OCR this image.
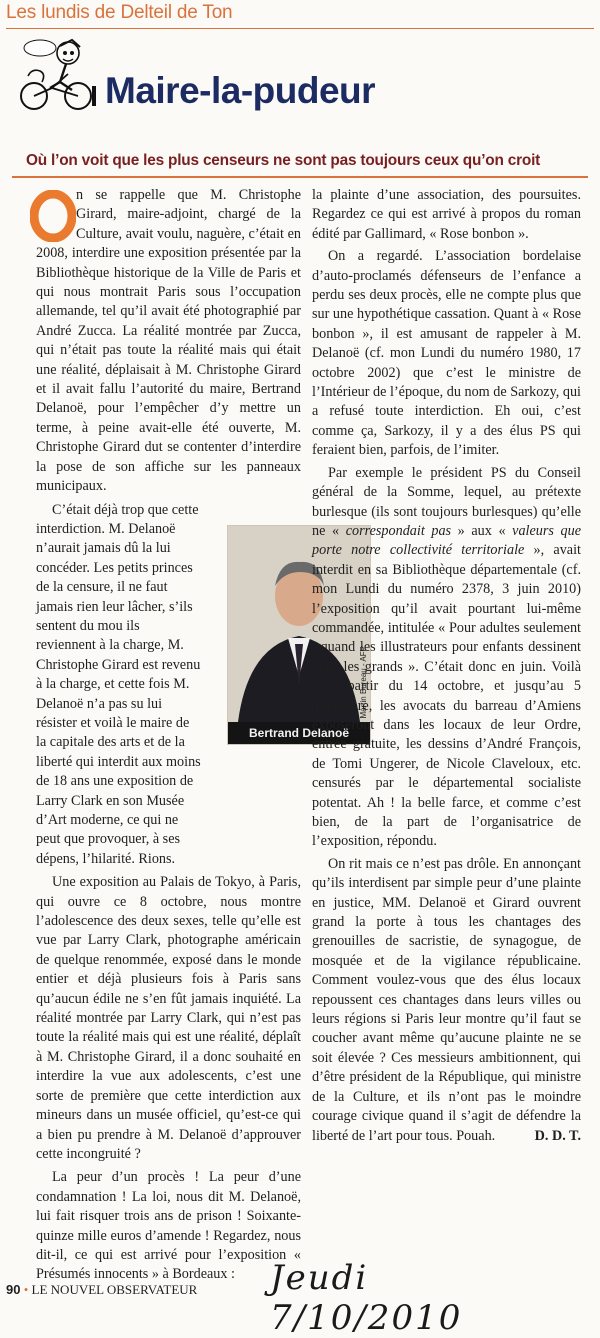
Les lundis de Delteil de Ton
Maire-la-pudeur
Où l’on voit que les plus censeurs ne sont pas toujours ceux qu’on croit

n se rappelle que M. Christophe Girard, maire-adjoint, chargé de la Culture, avait voulu, naguère, c’était en 2008, interdire une exposition présentée par la Bibliothèque historique de la Ville de Paris et qui nous montrait Paris sous l’occupation allemande, tel qu’il avait été photographié par André Zucca. La réalité montrée par Zucca, qui n’était pas toute la réalité mais qui était une réalité, déplaisait à M. Christophe Girard et il avait fallu l’autorité du maire, Bertrand Delanoë, pour l’empêcher d’y mettre un terme, à peine avait-elle été ouverte, M. Christophe Girard dut se contenter d’interdire la pose de son affiche sur les panneaux municipaux.

C’était déjà trop que cette interdiction. M. Delanoë n’aurait jamais dû la lui concéder. Les petits princes de la censure, il ne faut jamais rien leur lâcher, s’ils sentent du mou ils reviennent à la charge, M. Christophe Girard est revenu à la charge, et cette fois M. Delanoë n’a pas su lui résister et voilà le maire de la capitale des arts et de la liberté qui interdit aux moins de 18 ans une exposition de Larry Clark en son Musée d’Art moderne, ce qui ne peut que provoquer, à ses dépens, l’hilarité. Rions.

Une exposition au Palais de Tokyo, à Paris, qui ouvre ce 8 octobre, nous montre l’adolescence des deux sexes, telle qu’elle est vue par Larry Clark, photographe américain de quelque renommée, exposé dans le monde entier et déjà plusieurs fois à Paris sans qu’aucun édile ne s’en fût jamais inquiété. La réalité montrée par Larry Clark, qui n’est pas toute la réalité mais qui est une réalité, déplaît à M. Christophe Girard, il a donc souhaité en interdire la vue aux adolescents, c’est une sorte de première que cette interdiction aux mineurs dans un musée officiel, qu’est-ce qui a bien pu prendre à M. Delanoë d’approuver cette incongruité ?

La peur d’un procès ! La peur d’une condamnation ! La loi, nous dit M. Delanoë, lui fait risquer trois ans de prison ! Soixante-quinze mille euros d’amende ! Regardez, nous dit-il, ce qui est arrivé pour l’exposition « Présumés innocents » à Bordeaux :

Martin Bureau - AFP
Bertrand Delanoë

la plainte d’une association, des poursuites. Regardez ce qui est arrivé à propos du roman édité par Gallimard, « Rose bonbon ».

On a regardé. L’association bordelaise d’auto-proclamés défenseurs de l’enfance a perdu ses deux procès, elle ne compte plus que sur une hypothétique cassation. Quant à « Rose bonbon », il est amusant de rappeler à M. Delanoë (cf. mon Lundi du numéro 1980, 17 octobre 2002) que c’est le ministre de l’Intérieur de l’époque, du nom de Sarkozy, qui a refusé toute interdiction. Eh oui, c’est comme ça, Sarkozy, il y a des élus PS qui feraient bien, parfois, de l’imiter.

Par exemple le président PS du Conseil général de la Somme, lequel, au prétexte burlesque (ils sont toujours burlesques) qu’elle ne « correspondait pas » aux « valeurs que porte notre collectivité territoriale », avait interdit en sa Bibliothèque départementale (cf. mon Lundi du numéro 2378, 3 juin 2010) l’exposition qu’il avait pourtant lui-même commandée, intitulée « Pour adultes seulement : quand les illustrateurs pour enfants dessinent pour les grands ». C’était donc en juin. Voilà qu’à partir du 14 octobre, et jusqu’au 5 novembre, les avocats du barreau d’Amiens exposeront dans les locaux de leur Ordre, entrée gratuite, les dessins d’André François, de Tomi Ungerer, de Nicole Claveloux, etc. censurés par le départemental socialiste potentat. Ah ! la belle farce, et comme c’est bien, de la part de l’organisatrice de l’exposition, répondu.

On rit mais ce n’est pas drôle. En annonçant qu’ils interdisent par simple peur d’une plainte en justice, MM. Delanoë et Girard ouvrent grand la porte à tous les chantages des grenouilles de sacristie, de synagogue, de mosquée et de la vigilance républicaine. Comment voulez-vous que des élus locaux repoussent ces chantages dans leurs villes ou leurs régions si Paris leur montre qu’il faut se coucher avant même qu’aucune plainte ne se soit élevée ? Ces messieurs ambitionnent, qui d’être président de la République, qui ministre de la Culture, et ils n’ont pas le moindre courage civique quand il s’agit de défendre la liberté de l’art pour tous. Pouah.	D. D. T.

90 • LE NOUVEL OBSERVATEUR Jeudi 7/10/2010
